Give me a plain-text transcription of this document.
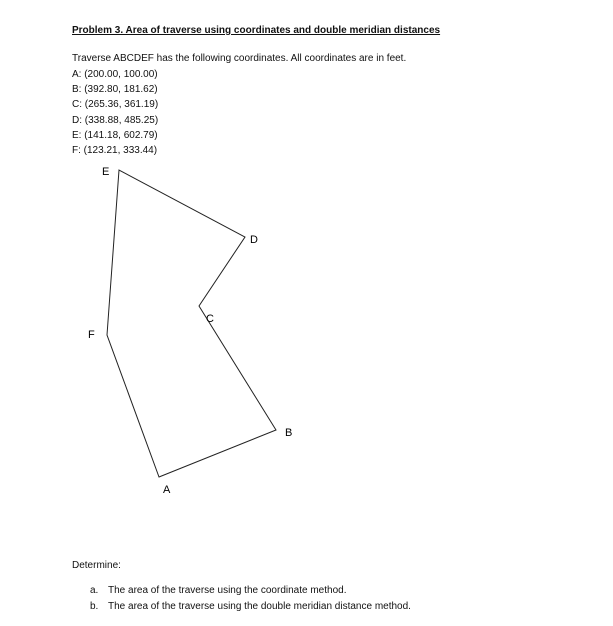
Problem 3. Area of traverse using coordinates and double meridian distances
Traverse ABCDEF has the following coordinates. All coordinates are in feet.
A: (200.00, 100.00)
B: (392.80, 181.62)
C: (265.36, 361.19)
D: (338.88, 485.25)
E: (141.18, 602.79)
F: (123.21, 333.44)
A
B
C
D
E
F
Determine:
a. The area of the traverse using the coordinate method.
b. The area of the traverse using the double meridian distance method.
